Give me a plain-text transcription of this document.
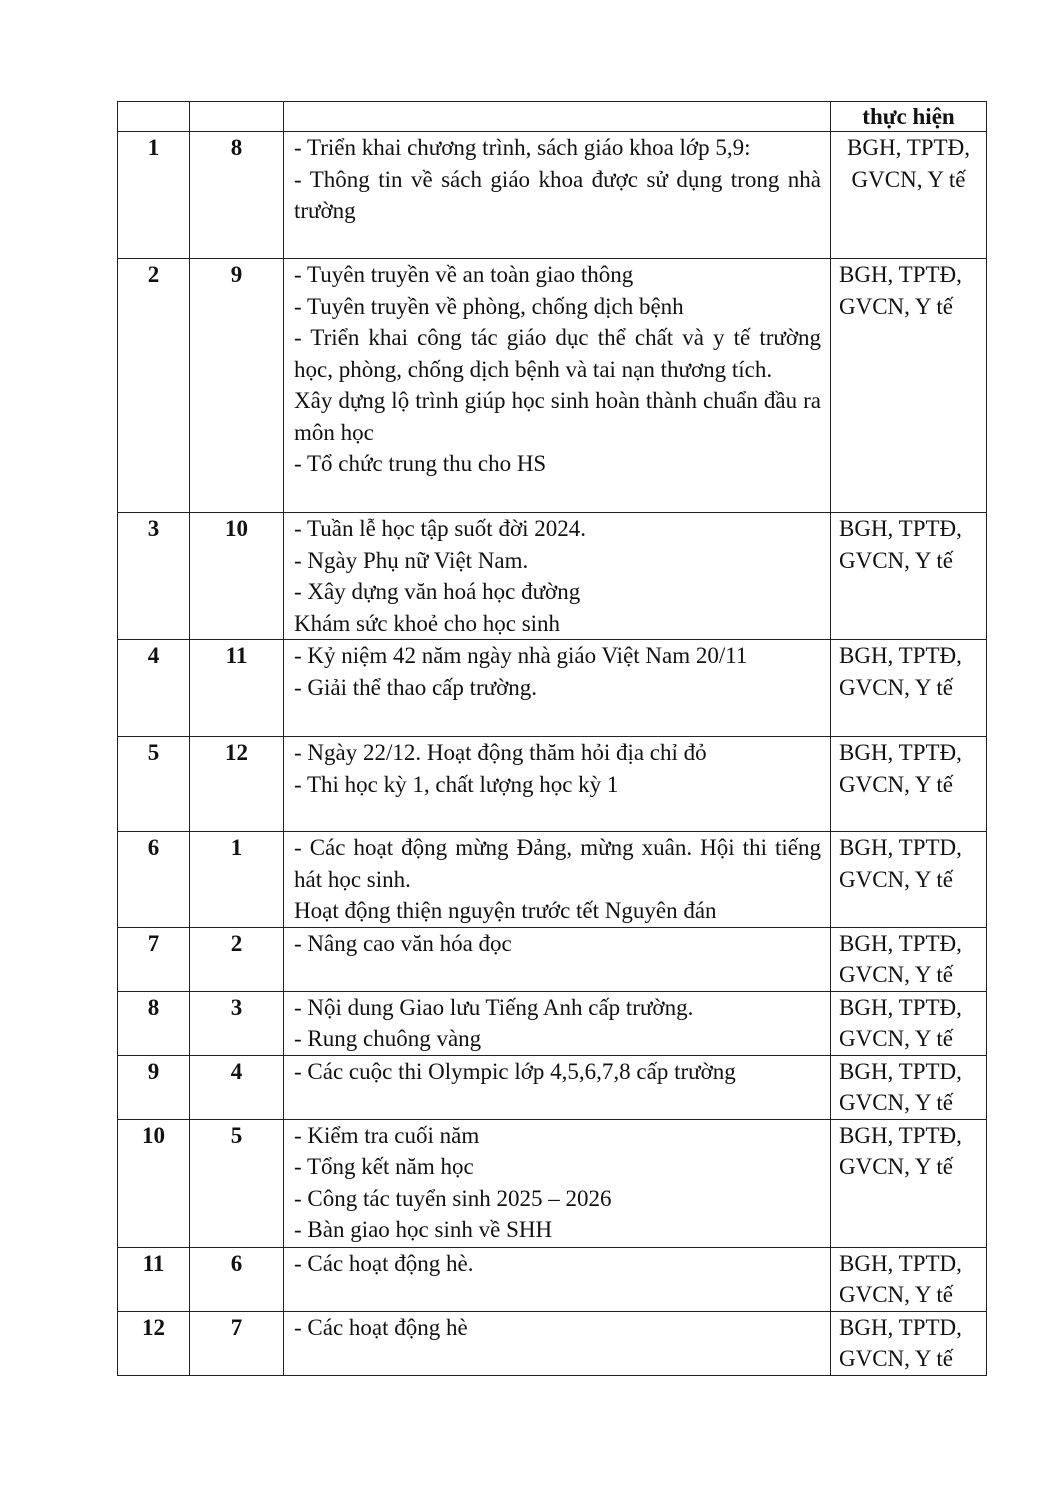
			thực hiện
1	8	- Triển khai chương trình, sách giáo khoa lớp 5,9:
- Thông tin về sách giáo khoa được sử dụng trong nhà trường	BGH, TPTĐ, GVCN, Y tế
2	9	- Tuyên truyền về an toàn giao thông
- Tuyên truyền về phòng, chống dịch bệnh
- Triển khai công tác giáo dục thể chất và y tế trường học, phòng, chống dịch bệnh và tai nạn thương tích.
Xây dựng lộ trình giúp học sinh hoàn thành chuẩn đầu ra môn học
- Tổ chức trung thu cho HS	BGH, TPTĐ, GVCN, Y tế
3	10	- Tuần lễ học tập suốt đời 2024.
- Ngày Phụ nữ Việt Nam.
- Xây dựng văn hoá học đường
Khám sức khoẻ cho học sinh	BGH, TPTĐ, GVCN, Y tế
4	11	- Kỷ niệm 42 năm ngày nhà giáo Việt Nam 20/11
- Giải thể thao cấp trường.	BGH, TPTĐ, GVCN, Y tế
5	12	- Ngày 22/12. Hoạt động thăm hỏi địa chỉ đỏ
- Thi học kỳ 1, chất lượng học kỳ 1	BGH, TPTĐ, GVCN, Y tế
6	1	- Các hoạt động mừng Đảng, mừng xuân. Hội thi tiếng hát học sinh.
Hoạt động thiện nguyện trước tết Nguyên đán	BGH, TPTD, GVCN, Y tế
7	2	- Nâng cao văn hóa đọc	BGH, TPTĐ, GVCN, Y tế
8	3	- Nội dung Giao lưu Tiếng Anh cấp trường.
- Rung chuông vàng	BGH, TPTĐ, GVCN, Y tế
9	4	- Các cuộc thi Olympic lớp 4,5,6,7,8 cấp trường	BGH, TPTD, GVCN, Y tế
10	5	- Kiểm tra cuối năm
- Tổng kết năm học
- Công tác tuyển sinh 2025 – 2026
- Bàn giao học sinh về SHH	BGH, TPTĐ, GVCN, Y tế
11	6	- Các hoạt động hè.	BGH, TPTD, GVCN, Y tế
12	7	- Các hoạt động hè	BGH, TPTD, GVCN, Y tế
